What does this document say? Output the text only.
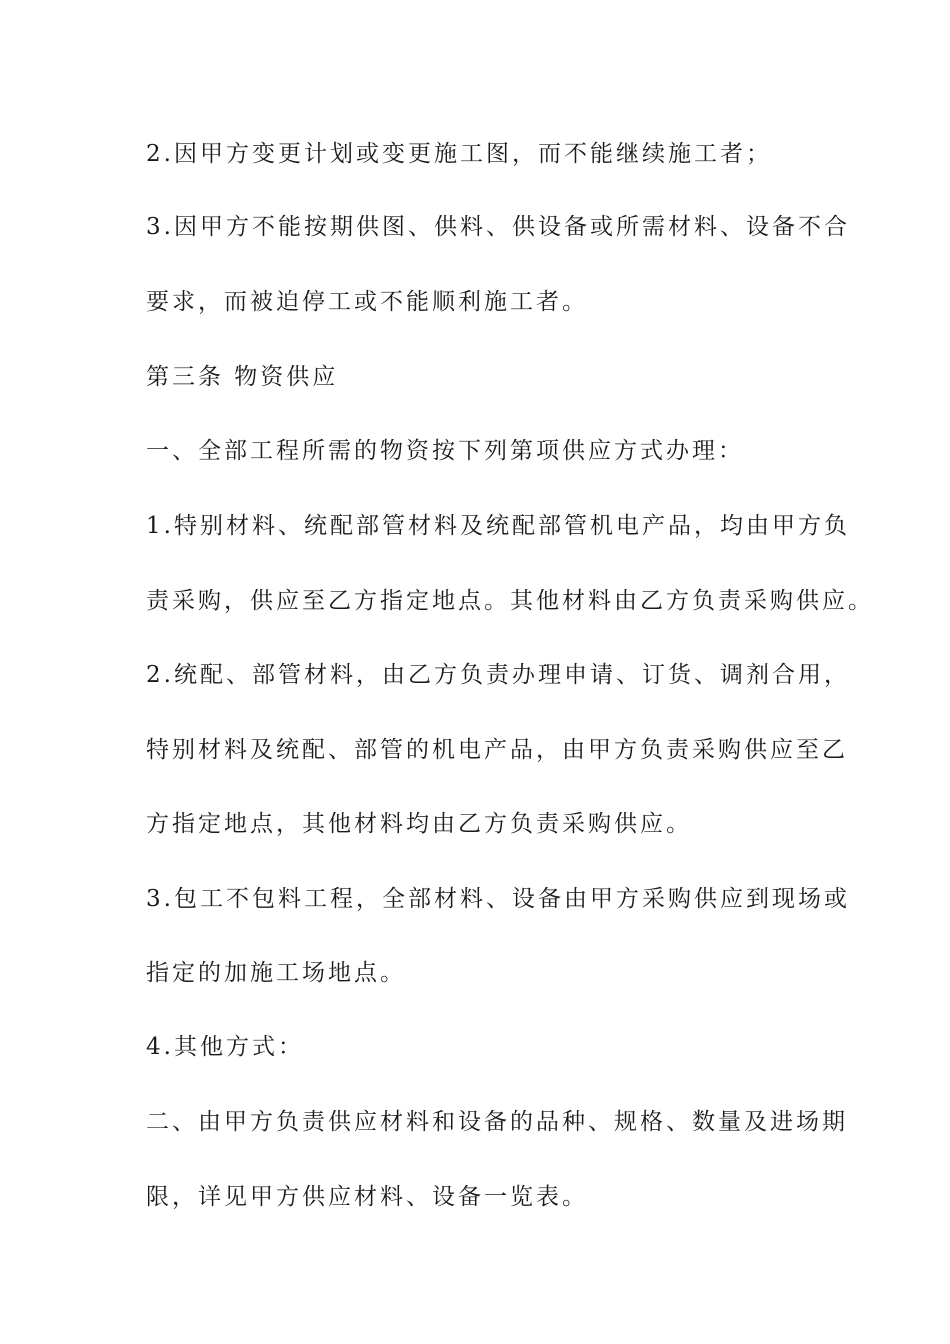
2.因甲方变更计划或变更施工图，而不能继续施工者；
3.因甲方不能按期供图、供料、供设备或所需材料、设备不合
要求，而被迫停工或不能顺利施工者。
第三条 物资供应
一、全部工程所需的物资按下列第项供应方式办理：
1.特别材料、统配部管材料及统配部管机电产品，均由甲方负
责采购，供应至乙方指定地点。其他材料由乙方负责采购供应。
2.统配、部管材料，由乙方负责办理申请、订货、调剂合用，
特别材料及统配、部管的机电产品，由甲方负责采购供应至乙
方指定地点，其他材料均由乙方负责采购供应。
3.包工不包料工程，全部材料、设备由甲方采购供应到现场或
指定的加施工场地点。
4.其他方式：
二、由甲方负责供应材料和设备的品种、规格、数量及进场期
限，详见甲方供应材料、设备一览表。
